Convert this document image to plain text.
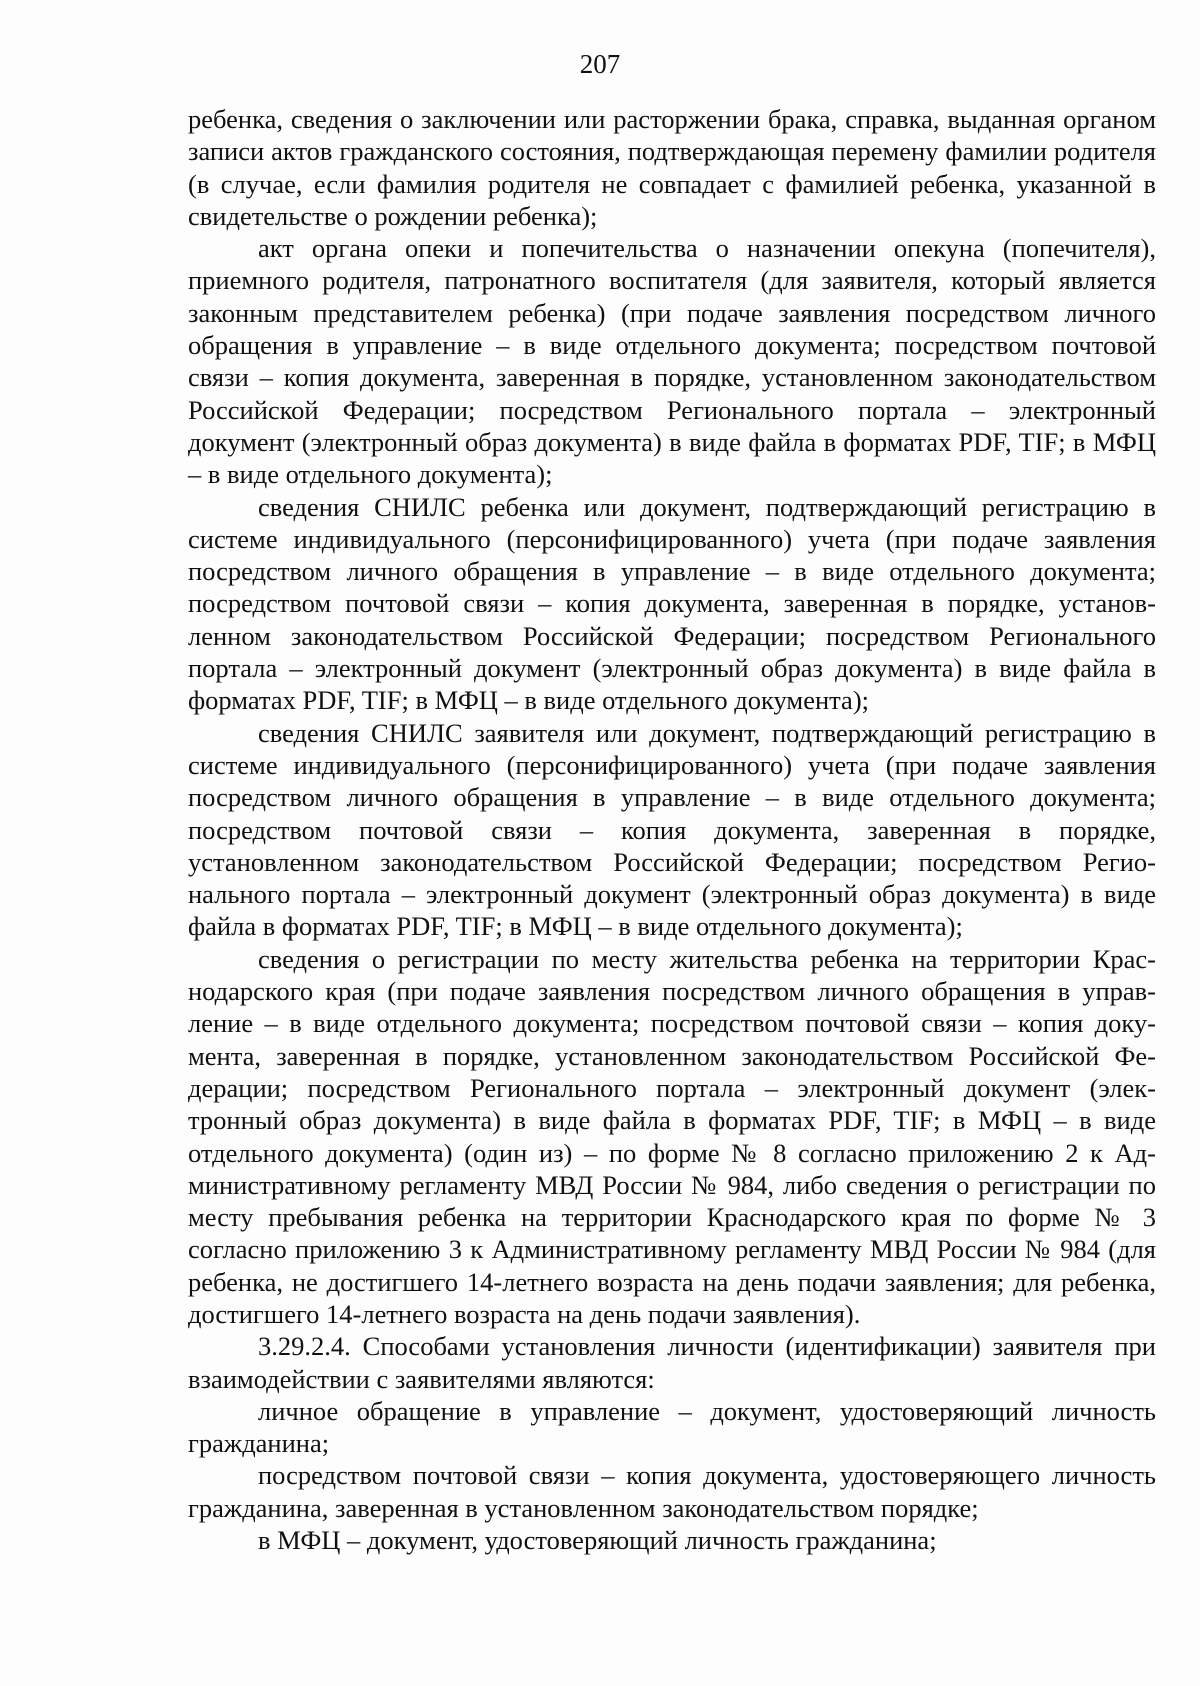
207

ребенка, сведения о заключении или расторжении брака, справка, выданная органом записи актов гражданского состояния, подтверждающая перемену фамилии родителя (в случае, если фамилия родителя не совпадает с фамилией ребенка, указанной в свидетельстве о рождении ребенка);

акт органа опеки и попечительства о назначении опекуна (попечителя), приемного родителя, патронатного воспитателя (для заявителя, который является законным представителем ребенка) (при подаче заявления посредством личного обращения в управление – в виде отдельного документа; посредством почтовой связи – копия документа, заверенная в порядке, установленном законодательством Российской Федерации; посредством Регионального портала – электронный документ (электронный образ документа) в виде файла в форматах PDF, TIF; в МФЦ – в виде отдельного документа);

сведения СНИЛС ребенка или документ, подтверждающий регистрацию в системе индивидуального (персонифицированного) учета (при подаче заявления посредством личного обращения в управление – в виде отдельного документа; посредством почтовой связи – копия документа, заверенная в порядке, установленном законодательством Российской Федерации; посредством Регионального портала – электронный документ (электронный образ документа) в виде файла в форматах PDF, TIF; в МФЦ – в виде отдельного документа);

сведения СНИЛС заявителя или документ, подтверждающий регистрацию в системе индивидуального (персонифицированного) учета (при подаче заявления посредством личного обращения в управление – в виде отдельного документа; посредством почтовой связи – копия документа, заверенная в порядке, установленном законодательством Российской Федерации; посредством Регионального портала – электронный документ (электронный образ документа) в виде файла в форматах PDF, TIF; в МФЦ – в виде отдельного документа);

сведения о регистрации по месту жительства ребенка на территории Краснодарского края (при подаче заявления посредством личного обращения в управление – в виде отдельного документа; посредством почтовой связи – копия документа, заверенная в порядке, установленном законодательством Российской Федерации; посредством Регионального портала – электронный документ (электронный образ документа) в виде файла в форматах PDF, TIF; в МФЦ – в виде отдельного документа) (один из) – по форме № 8 согласно приложению 2 к Административному регламенту МВД России № 984, либо сведения о регистрации по месту пребывания ребенка на территории Краснодарского края по форме № 3 согласно приложению 3 к Административному регламенту МВД России № 984 (для ребенка, не достигшего 14-летнего возраста на день подачи заявления; для ребенка, достигшего 14-летнего возраста на день подачи заявления).

3.29.2.4. Способами установления личности (идентификации) заявителя при взаимодействии с заявителями являются:

личное обращение в управление – документ, удостоверяющий личность гражданина;

посредством почтовой связи – копия документа, удостоверяющего личность гражданина, заверенная в установленном законодательством порядке;

в МФЦ – документ, удостоверяющий личность гражданина;
